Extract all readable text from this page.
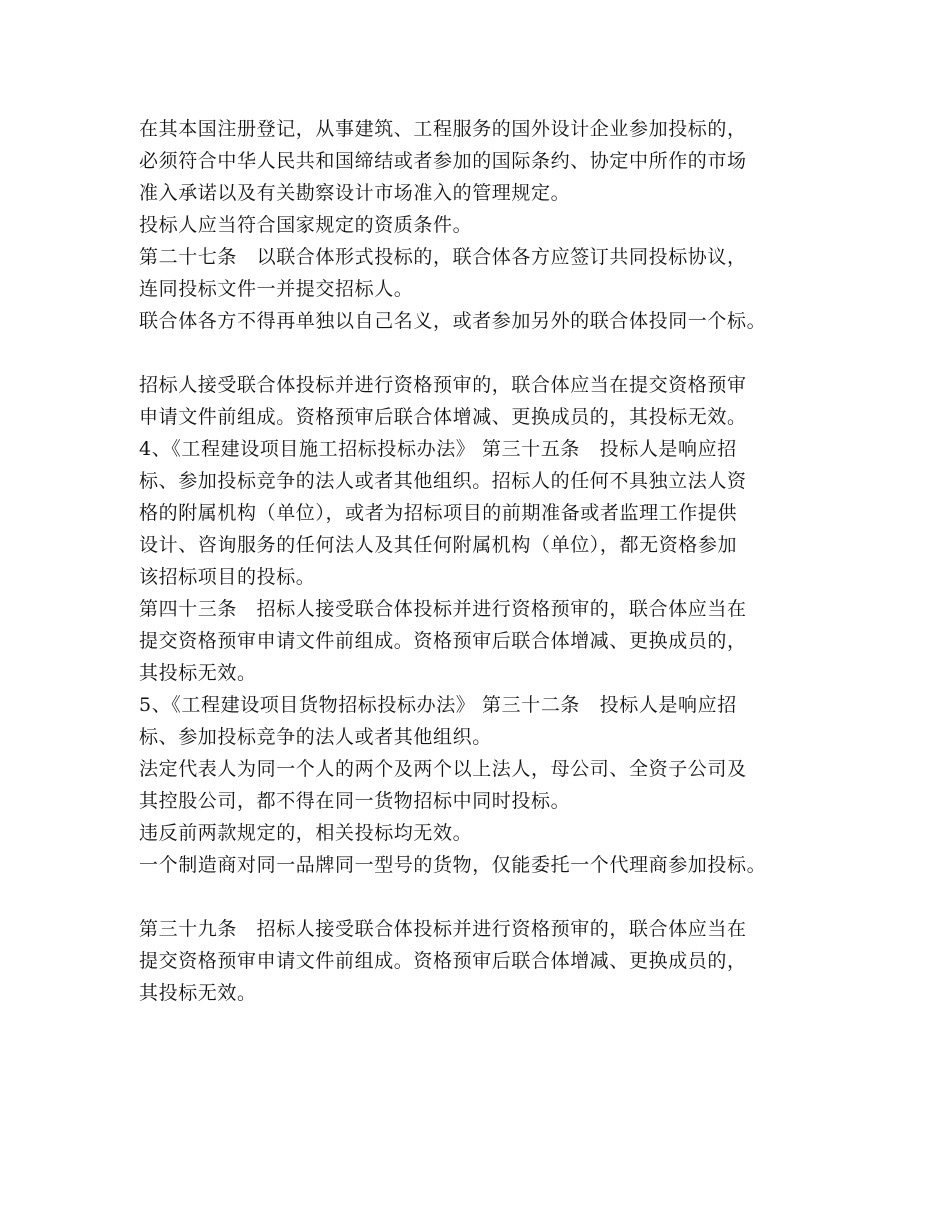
在其本国注册登记，从事建筑、工程服务的国外设计企业参加投标的，
必须符合中华人民共和国缔结或者参加的国际条约、协定中所作的市场
准入承诺以及有关勘察设计市场准入的管理规定。
投标人应当符合国家规定的资质条件。
第二十七条　以联合体形式投标的，联合体各方应签订共同投标协议，
连同投标文件一并提交招标人。
联合体各方不得再单独以自己名义，或者参加另外的联合体投同一个标。
招标人接受联合体投标并进行资格预审的，联合体应当在提交资格预审
申请文件前组成。资格预审后联合体增减、更换成员的，其投标无效。
4、《工程建设项目施工招标投标办法》 第三十五条　投标人是响应招
标、参加投标竞争的法人或者其他组织。招标人的任何不具独立法人资
格的附属机构（单位），或者为招标项目的前期准备或者监理工作提供
设计、咨询服务的任何法人及其任何附属机构（单位），都无资格参加
该招标项目的投标。
第四十三条　招标人接受联合体投标并进行资格预审的，联合体应当在
提交资格预审申请文件前组成。资格预审后联合体增减、更换成员的，
其投标无效。
5、《工程建设项目货物招标投标办法》 第三十二条　投标人是响应招
标、参加投标竞争的法人或者其他组织。
法定代表人为同一个人的两个及两个以上法人，母公司、全资子公司及
其控股公司，都不得在同一货物招标中同时投标。
违反前两款规定的，相关投标均无效。
一个制造商对同一品牌同一型号的货物，仅能委托一个代理商参加投标。
第三十九条　招标人接受联合体投标并进行资格预审的，联合体应当在
提交资格预审申请文件前组成。资格预审后联合体增减、更换成员的，
其投标无效。
